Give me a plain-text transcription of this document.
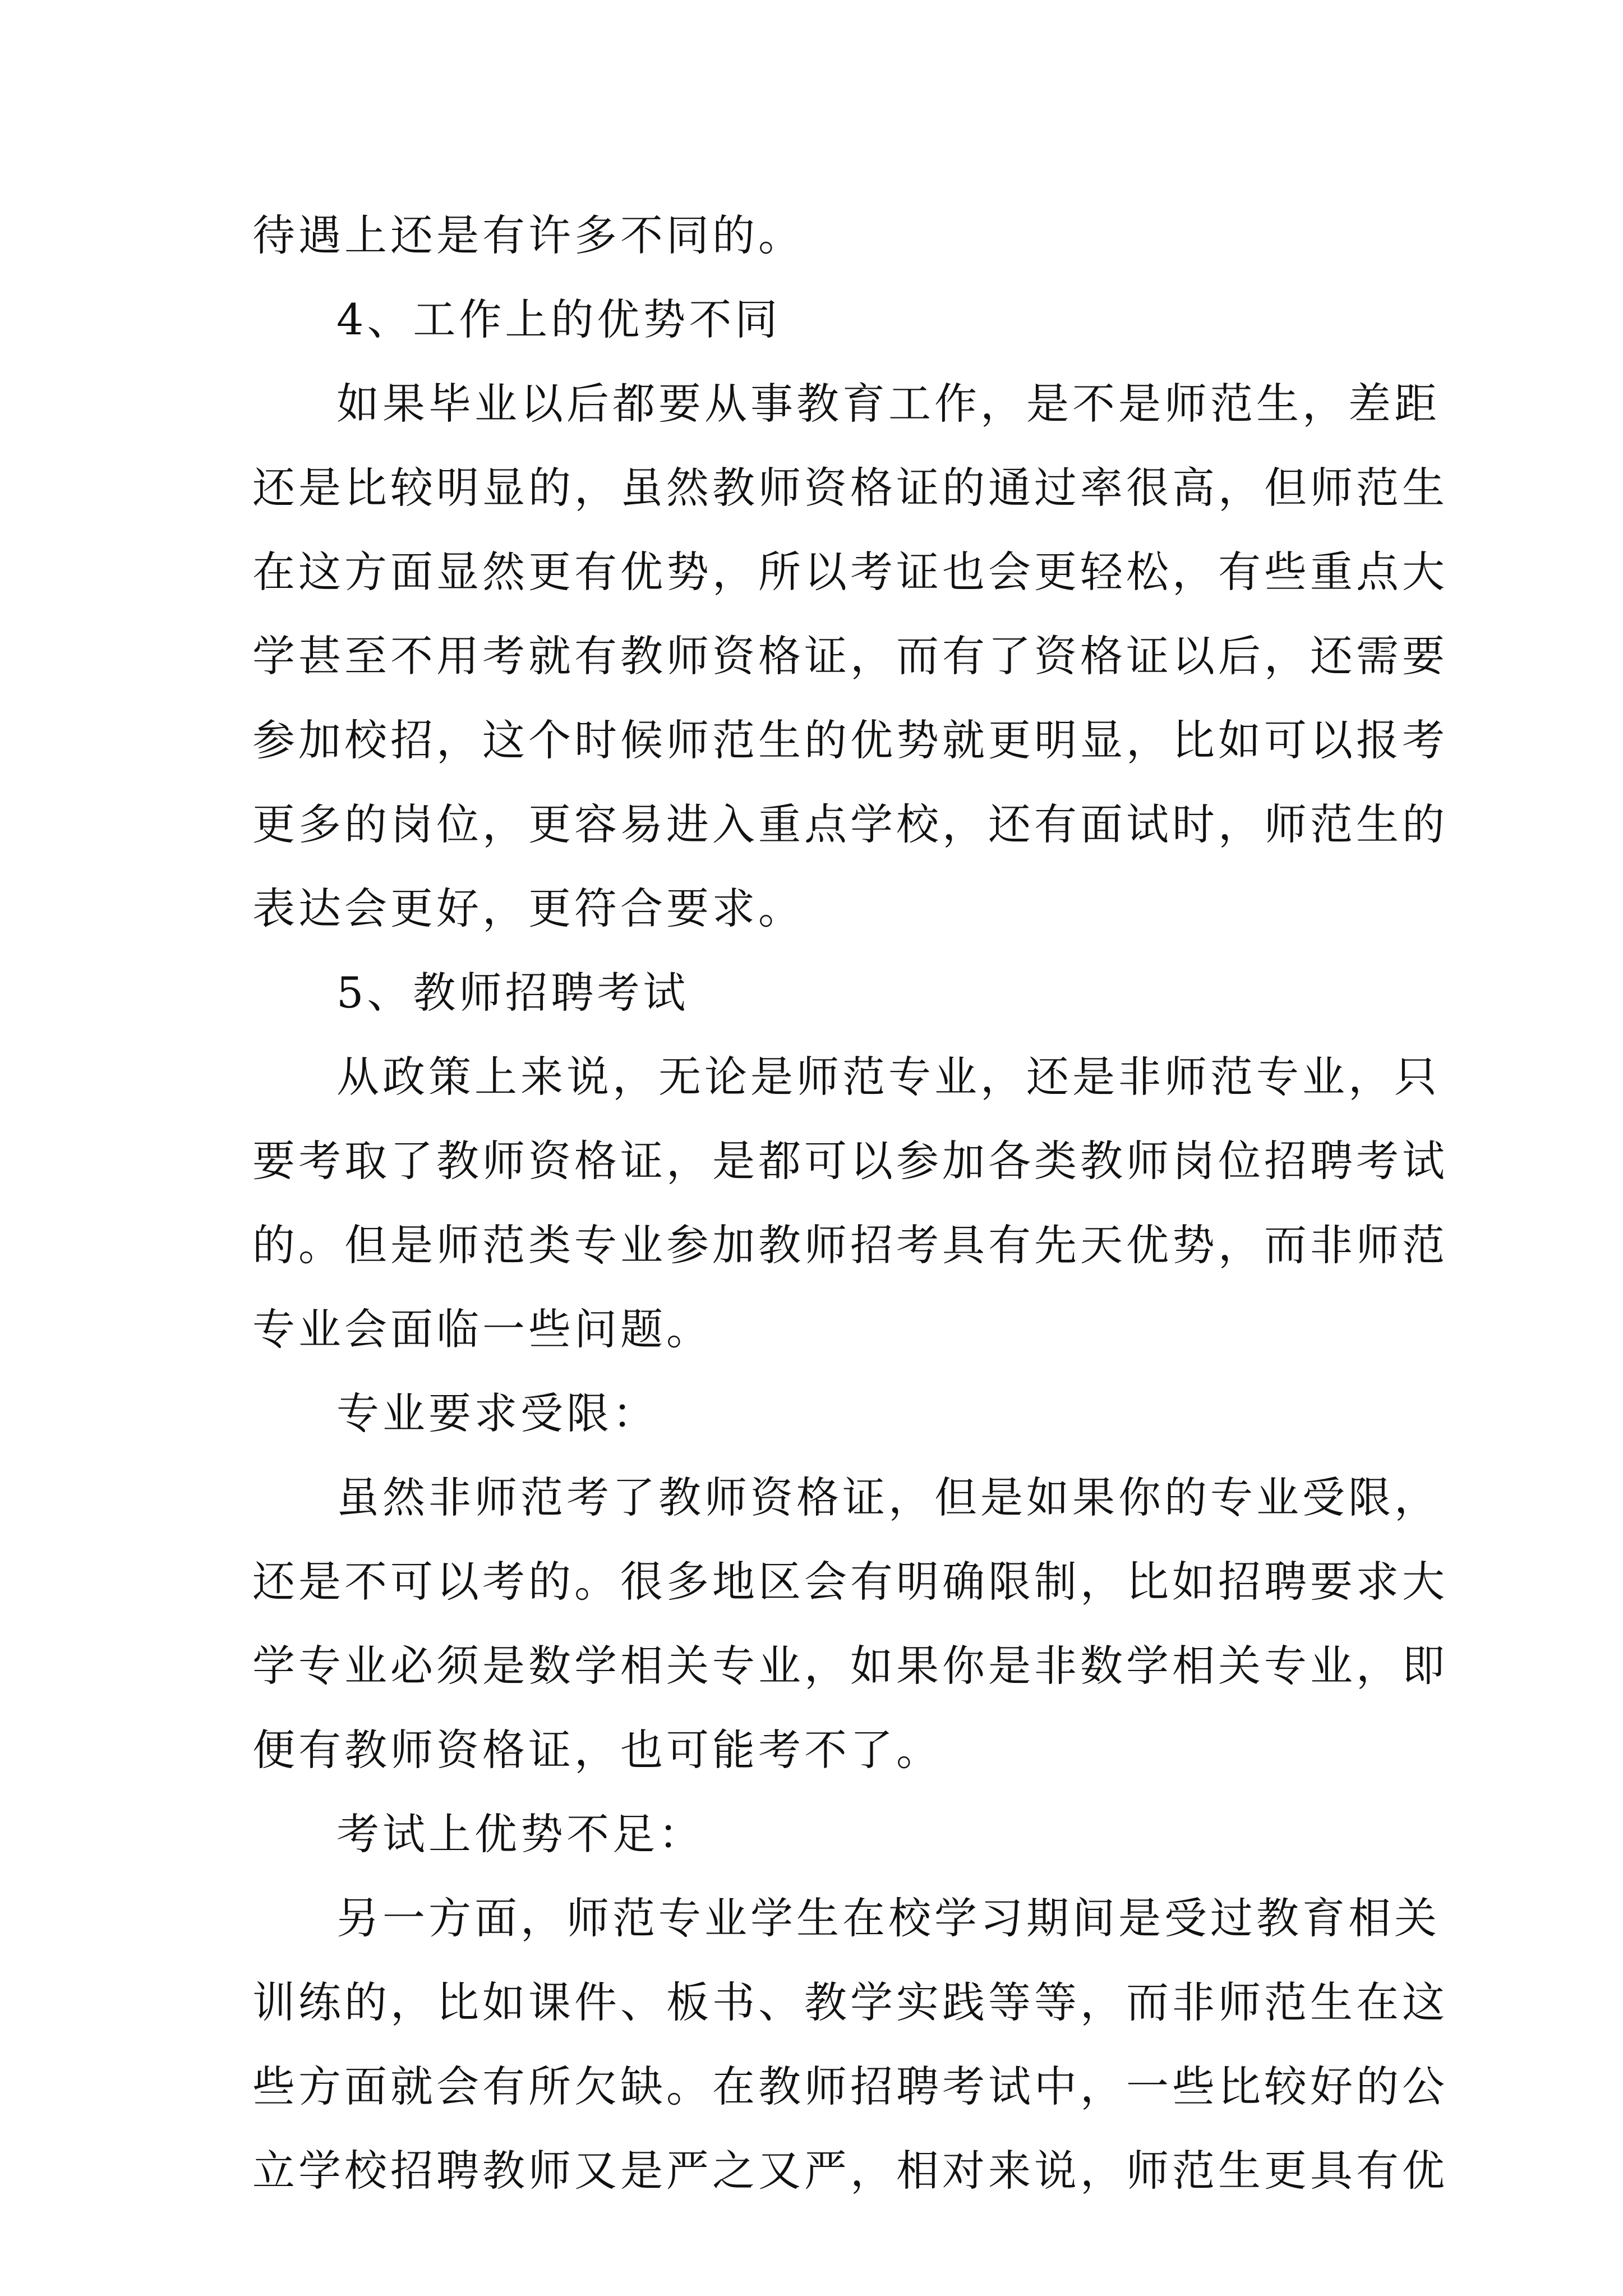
待遇上还是有许多不同的。
4、工作上的优势不同
如果毕业以后都要从事教育工作，是不是师范生，差距
还是比较明显的，虽然教师资格证的通过率很高，但师范生
在这方面显然更有优势，所以考证也会更轻松，有些重点大
学甚至不用考就有教师资格证，而有了资格证以后，还需要
参加校招，这个时候师范生的优势就更明显，比如可以报考
更多的岗位，更容易进入重点学校，还有面试时，师范生的
表达会更好，更符合要求。
5、教师招聘考试
从政策上来说，无论是师范专业，还是非师范专业，只
要考取了教师资格证，是都可以参加各类教师岗位招聘考试
的。但是师范类专业参加教师招考具有先天优势，而非师范
专业会面临一些问题。
专业要求受限：
虽然非师范考了教师资格证，但是如果你的专业受限，
还是不可以考的。很多地区会有明确限制，比如招聘要求大
学专业必须是数学相关专业，如果你是非数学相关专业，即
便有教师资格证，也可能考不了。
考试上优势不足：
另一方面，师范专业学生在校学习期间是受过教育相关
训练的，比如课件、板书、教学实践等等，而非师范生在这
些方面就会有所欠缺。在教师招聘考试中，一些比较好的公
立学校招聘教师又是严之又严，相对来说，师范生更具有优
